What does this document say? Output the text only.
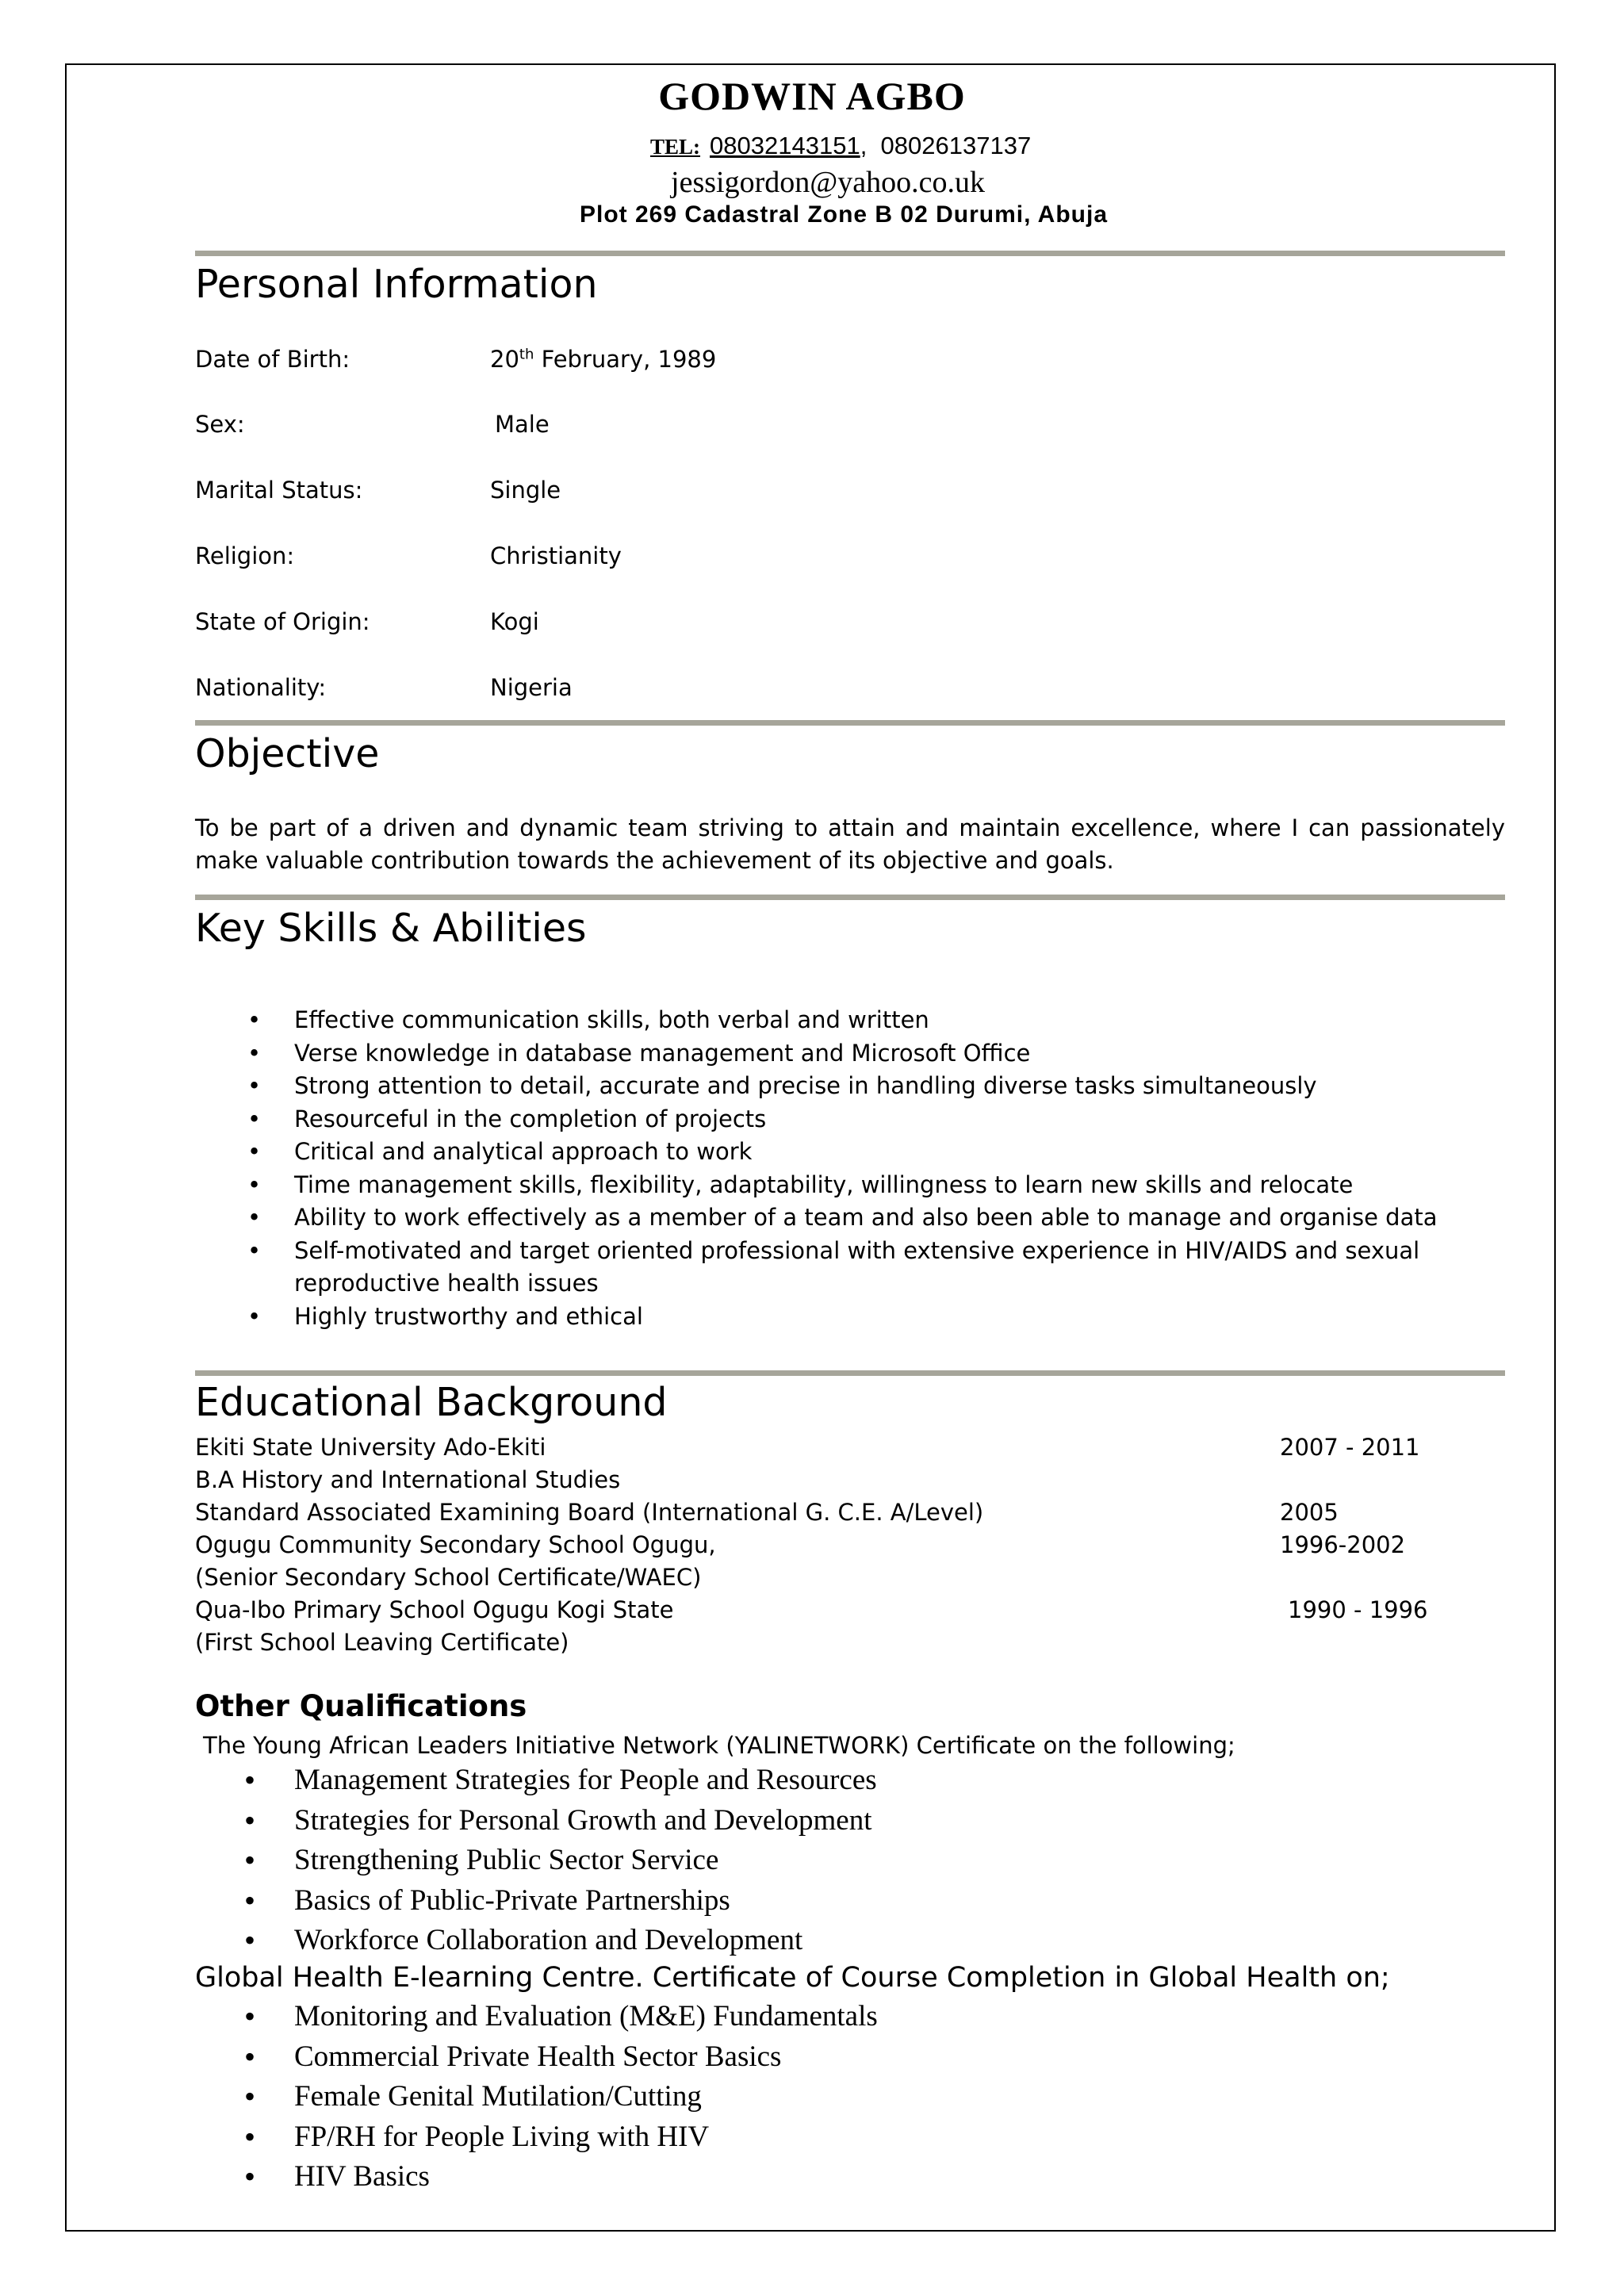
GODWIN AGBO
TEL: 08032143151, 08026137137
jessigordon@yahoo.co.uk
Plot 269 Cadastral Zone B 02 Durumi, Abuja
Personal Information
Date of Birth:	20th February, 1989
Sex:	Male
Marital Status:	Single
Religion:	Christianity
State of Origin:	Kogi
Nationality:	Nigeria
Objective
To be part of a driven and dynamic team striving to attain and maintain excellence, where I can passionately
make valuable contribution towards the achievement of its objective and goals.
Key Skills & Abilities
• Effective communication skills, both verbal and written
• Verse knowledge in database management and Microsoft Office
• Strong attention to detail, accurate and precise in handling diverse tasks simultaneously
• Resourceful in the completion of projects
• Critical and analytical approach to work
• Time management skills, flexibility, adaptability, willingness to learn new skills and relocate
• Ability to work effectively as a member of a team and also been able to manage and organise data
• Self-motivated and target oriented professional with extensive experience in HIV/AIDS and sexual reproductive health issues
• Highly trustworthy and ethical
Educational Background
Ekiti State University Ado-Ekiti	2007 - 2011
B.A History and International Studies
Standard Associated Examining Board (International G. C.E. A/Level)	2005
Ogugu Community Secondary School Ogugu,	1996-2002
(Senior Secondary School Certificate/WAEC)
Qua-Ibo Primary School Ogugu Kogi State	1990 - 1996
(First School Leaving Certificate)
Other Qualifications
The Young African Leaders Initiative Network (YALINETWORK) Certificate on the following;
• Management Strategies for People and Resources
• Strategies for Personal Growth and Development
• Strengthening Public Sector Service
• Basics of Public-Private Partnerships
• Workforce Collaboration and Development
Global Health E-learning Centre. Certificate of Course Completion in Global Health on;
• Monitoring and Evaluation (M&E) Fundamentals
• Commercial Private Health Sector Basics
• Female Genital Mutilation/Cutting
• FP/RH for People Living with HIV
• HIV Basics
